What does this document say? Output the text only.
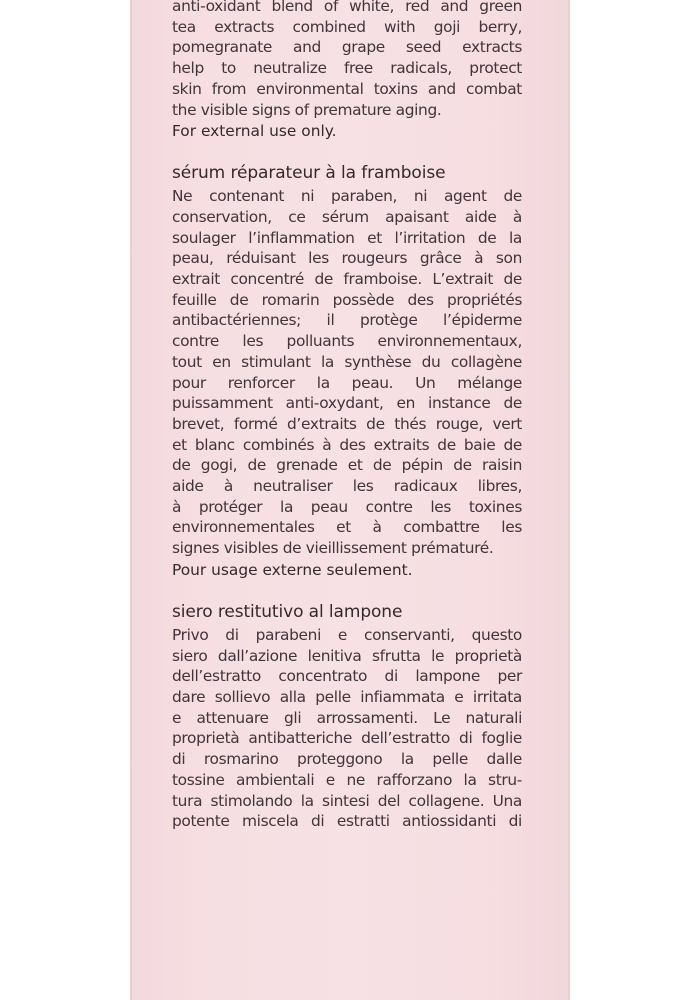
anti-oxidant blend of white, red and green
tea extracts combined with goji berry,
pomegranate and grape seed extracts
help to neutralize free radicals, protect
skin from environmental toxins and combat
the visible signs of premature aging.
For external use only.
sérum réparateur à la framboise
Ne contenant ni paraben, ni agent de
conservation, ce sérum apaisant aide à
soulager l’inflammation et l’irritation de la
peau, réduisant les rougeurs grâce à son
extrait concentré de framboise. L’extrait de
feuille de romarin possède des propriétés
antibactériennes; il protège l’épiderme
contre les polluants environnementaux,
tout en stimulant la synthèse du collagène
pour renforcer la peau. Un mélange
puissamment anti-oxydant, en instance de
brevet, formé d’extraits de thés rouge, vert
et blanc combinés à des extraits de baie de
de gogi, de grenade et de pépin de raisin
aide à neutraliser les radicaux libres,
à protéger la peau contre les toxines
environnementales et à combattre les
signes visibles de vieillissement prématuré.
Pour usage externe seulement.
siero restitutivo al lampone
Privo di parabeni e conservanti, questo
siero dall’azione lenitiva sfrutta le proprietà
dell’estratto concentrato di lampone per
dare sollievo alla pelle infiammata e irritata
e attenuare gli arrossamenti. Le naturali
proprietà antibatteriche dell’estratto di foglie
di rosmarino proteggono la pelle dalle
tossine ambientali e ne rafforzano la stru-
tura stimolando la sintesi del collagene. Una
potente miscela di estratti antiossidanti di
